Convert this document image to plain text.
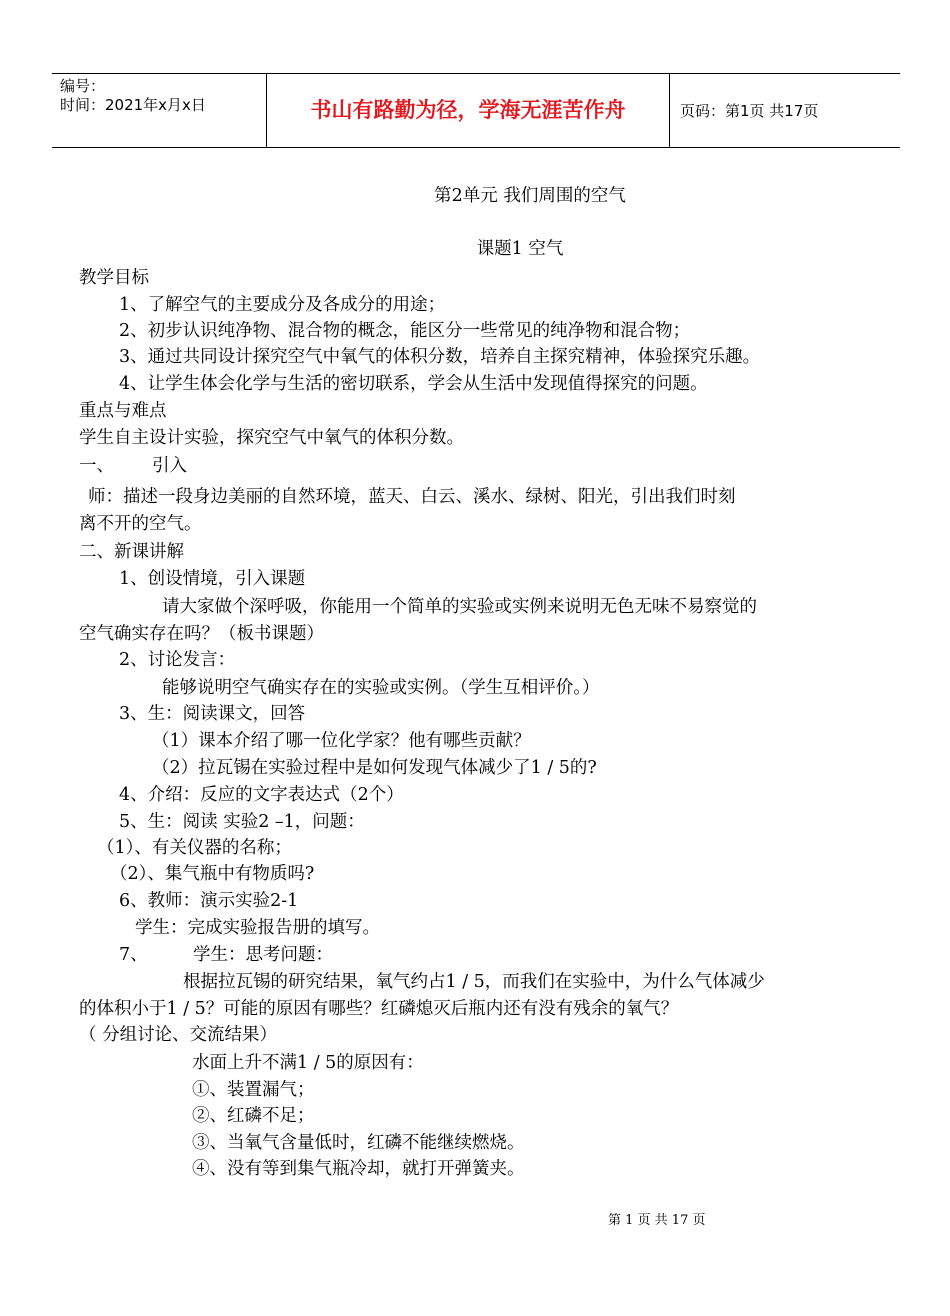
编号：
时间：2021年x月x日	书山有路勤为径，学海无涯苦作舟	页码：第1页 共17页
第2单元 我们周围的空气
课题1 空气
教学目标
1、了解空气的主要成分及各成分的用途；
2、初步认识纯净物、混合物的概念，能区分一些常见的纯净物和混合物；
3、通过共同设计探究空气中氧气的体积分数，培养自主探究精神，体验探究乐趣。
4、让学生体会化学与生活的密切联系，学会从生活中发现值得探究的问题。
重点与难点
学生自主设计实验，探究空气中氧气的体积分数。
一、 引入
师：描述一段身边美丽的自然环境，蓝天、白云、溪水、绿树、阳光，引出我们时刻
离不开的空气。
二、新课讲解
1、创设情境，引入课题
请大家做个深呼吸，你能用一个简单的实验或实例来说明无色无味不易察觉的
空气确实存在吗？（板书课题）
2、讨论发言：
能够说明空气确实存在的实验或实例。（学生互相评价。）
3、生：阅读课文，回答
（1）课本介绍了哪一位化学家？他有哪些贡献？
（2）拉瓦锡在实验过程中是如何发现气体减少了1 / 5的?
4、介绍：反应的文字表达式（2个）
5、生：阅读 实验2 –1，问题：
（1）、有关仪器的名称；
（2）、集气瓶中有物质吗?
6、教师：演示实验2-1
学生：完成实验报告册的填写。
7、	学生：思考问题：
根据拉瓦锡的研究结果，氧气约占1 / 5，而我们在实验中，为什么气体减少
的体积小于1 / 5？可能的原因有哪些？红磷熄灭后瓶内还有没有残余的氧气？
（ 分组讨论、交流结果）
水面上升不满1 / 5的原因有：
①、装置漏气；
②、红磷不足；
③、当氧气含量低时，红磷不能继续燃烧。
④、没有等到集气瓶冷却，就打开弹簧夹。
第 1 页 共 17 页
